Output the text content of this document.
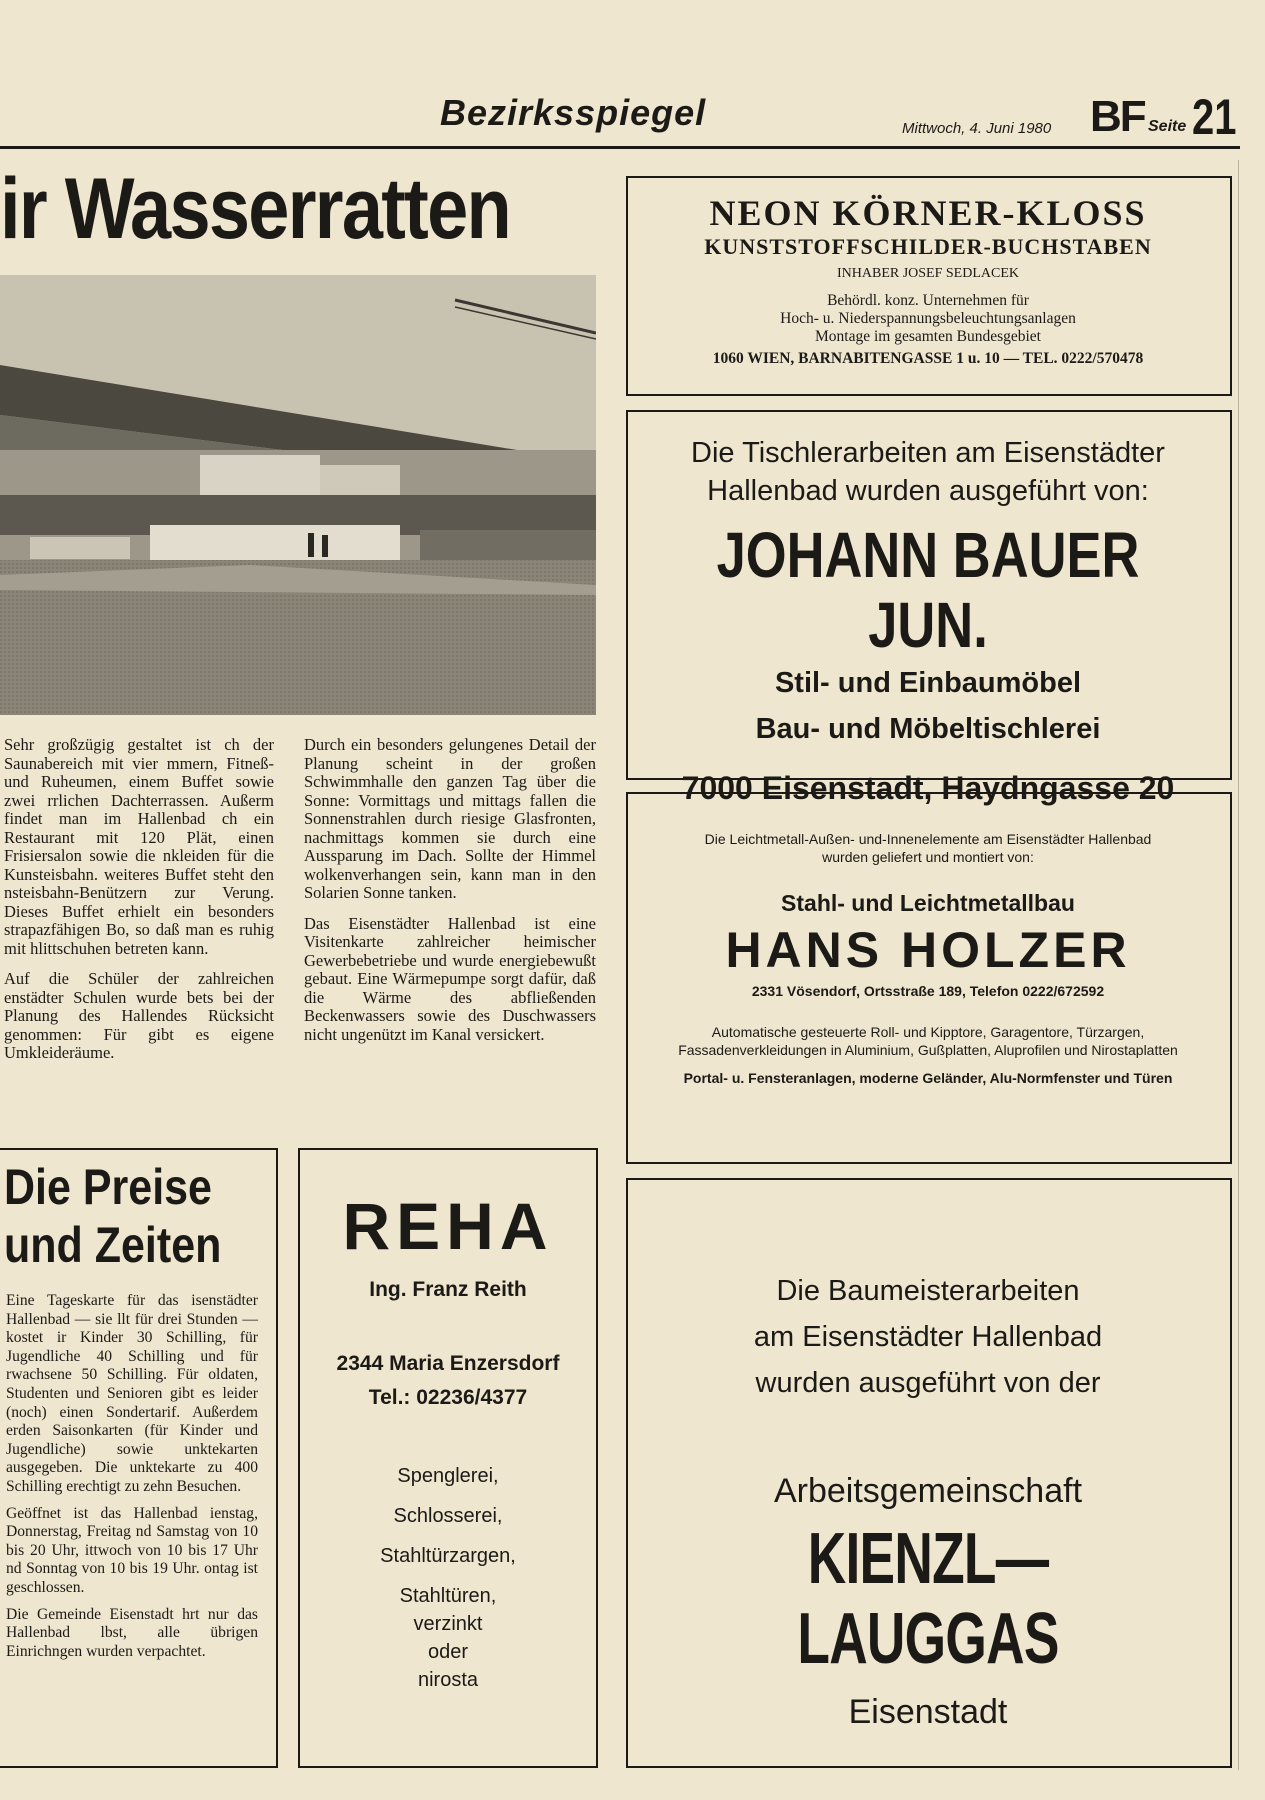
Bezirksspiegel	Mittwoch, 4. Juni 1980 BF Seite 21
ir Wasserratten

Sehr großzügig gestaltet ist ch der Saunabereich mit vier mmern, Fitneß- und Ruheumen, einem Buffet sowie zwei rrlichen Dachterrassen. Außerm findet man im Hallenbad ch ein Restaurant mit 120 Plät, einen Frisiersalon sowie die nkleiden für die Kunsteisbahn. weiteres Buffet steht den nsteisbahn-Benützern zur Verung. Dieses Buffet erhielt ein besonders strapazfähigen Bo, so daß man es ruhig mit hlittschuhen betreten kann.

Auf die Schüler der zahlreichen enstädter Schulen wurde bets bei der Planung des Hallendes Rücksicht genommen: Für gibt es eigene Umkleideräume.

Durch ein besonders gelungenes Detail der Planung scheint in der großen Schwimmhalle den ganzen Tag über die Sonne: Vormittags und mittags fallen die Sonnenstrahlen durch riesige Glasfronten, nachmittags kommen sie durch eine Aussparung im Dach. Sollte der Himmel wolkenverhangen sein, kann man in den Solarien Sonne tanken.

Das Eisenstädter Hallenbad ist eine Visitenkarte zahlreicher heimischer Gewerbebetriebe und wurde energiebewußt gebaut. Eine Wärmepumpe sorgt dafür, daß die Wärme des abfließenden Beckenwassers sowie des Duschwassers nicht ungenützt im Kanal versickert.

Die Preise
und Zeiten

Eine Tageskarte für das isenstädter Hallenbad — sie llt für drei Stunden — kostet ir Kinder 30 Schilling, für Jugendliche 40 Schilling und für rwachsene 50 Schilling. Für oldaten, Studenten und Senioren gibt es leider (noch) einen Sondertarif. Außerdem erden Saisonkarten (für Kinder und Jugendliche) sowie unktekarten ausgegeben. Die unktekarte zu 400 Schilling erechtigt zu zehn Besuchen.

Geöffnet ist das Hallenbad ienstag, Donnerstag, Freitag nd Samstag von 10 bis 20 Uhr, ittwoch von 10 bis 17 Uhr nd Sonntag von 10 bis 19 Uhr. ontag ist geschlossen.

Die Gemeinde Eisenstadt hrt nur das Hallenbad lbst, alle übrigen Einrichngen wurden verpachtet.

REHA
Ing. Franz Reith
2344 Maria Enzersdorf
Tel.: 02236/4377
Spenglerei,
Schlosserei,
Stahltürzargen,
Stahltüren,
verzinkt
oder
nirosta
NEON KÖRNER-KLOSS
KUNSTSTOFFSCHILDER-BUCHSTABEN
INHABER JOSEF SEDLACEK
Behördl. konz. Unternehmen für
Hoch- u. Niederspannungsbeleuchtungsanlagen
Montage im gesamten Bundesgebiet
1060 WIEN, BARNABITENGASSE 1 u. 10 — TEL. 0222/570478
Die Tischlerarbeiten am Eisenstädter
Hallenbad wurden ausgeführt von:
JOHANN BAUER JUN.
Stil- und Einbaumöbel
Bau- und Möbeltischlerei
7000 Eisenstadt, Haydngasse 20
Die Leichtmetall-Außen- und-Innenelemente am Eisenstädter Hallenbad
wurden geliefert und montiert von:
Stahl- und Leichtmetallbau
HANS HOLZER
2331 Vösendorf, Ortsstraße 189, Telefon 0222/672592
Automatische gesteuerte Roll- und Kipptore, Garagentore, Türzargen, Fassadenverkleidungen in Aluminium, Gußplatten, Aluprofilen und Nirostaplatten
Portal- u. Fensteranlagen, moderne Geländer, Alu-Normfenster und Türen
Die Baumeisterarbeiten
am Eisenstädter Hallenbad
wurden ausgeführt von der
Arbeitsgemeinschaft
KIENZL—LAUGGAS
Eisenstadt
